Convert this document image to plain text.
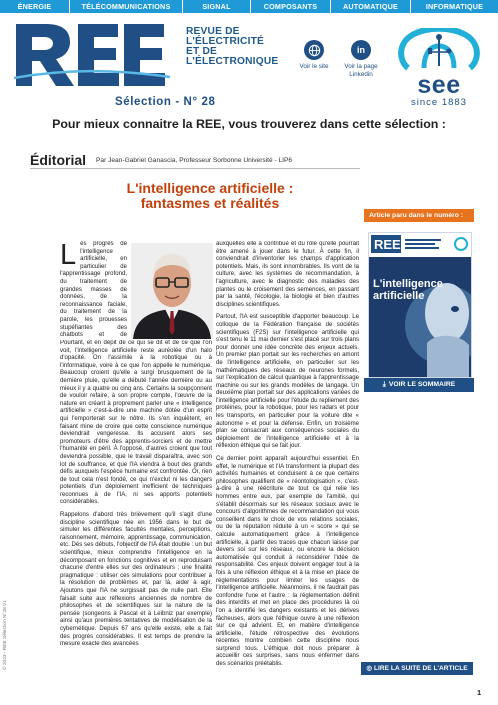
ÉNERGIE	TÉLÉCOMMUNICATIONS	SIGNAL	COMPOSANTS	AUTOMATIQUE	INFORMATIQUE
REVUE DE
L'ÉLECTRICITÉ
ET DE
L'ÉLECTRONIQUE
Sélection - N° 28
Voir le site
in
Voir la page
Linkedin	see
since 1883
Pour mieux connaitre la REE, vous trouverez dans cette sélection :
Éditorial Par Jean-Gabriel Ganascia, Professeur Sorbonne Université - LIP6
L'intelligence artificielle :
fantasmes et réalités
L es progrès de l'intelligence artificielle, en particulier de l'apprentissage profond, du traitement de grandes masses de données, de la reconnaissance faciale, du traitement de la parole, les prouesses stupéfiantes des chatbots et de

Pourtant, et en dépit de ce qui se dit et de ce que l'on voit, l'intelligence artificielle reste auréolée d'un halo d'opacité. On l'assimile à la robotique ou à l'informatique, voire à ce que l'on appelle le numérique. Beaucoup croient qu'elle a surgi brusquement de la dernière pluie, qu'elle a débuté l'année dernière ou au mieux il y a quatre ou cinq ans. Certains la soupçonnent de vouloir refaire, à son propre compte, l'œuvre de la nature en créant à proprement parler une « intelligence artificielle » c'est-à-dire une machine dotée d'un esprit qui l'emporterait sur le nôtre. Ils s'en inquiètent, en faisant mine de croire que cette conscience numérique deviendrait vengeresse. Ils accusent alors ses promoteurs d'être des apprentis-sorciers et de mettre l'humanité en péril. À l'opposé, d'autres croient que tout deviendra possible, que le travail disparaîtra, avec son lot de souffrance, et que l'IA viendra à bout des grands défis auxquels l'espèce humaine est confrontée. Or, rien de tout cela n'est fondé, ce qui n'exclut ni les dangers potentiels d'un déploiement inefficient de techniques reconnues à de l'IA, ni ses apports potentiels considérables.

Rappelons d'abord très brièvement qu'il s'agit d'une discipline scientifique née en 1956 dans le but de simuler les différentes facultés mentales, perceptions, raisonnement, mémoire, apprentissage, communication, etc. Dès ses débuts, l'objectif de l'IA était double : un but scientifique, mieux comprendre l'intelligence en la décomposant en fonctions cognitives et en reproduisant chacune d'entre elles sur des ordinateurs ; une finalité pragmatique : utiliser ces simulations pour contribuer à la résolution de problèmes et, par là, aider à agir. Ajoutons que l'IA ne surgissait pas de nulle part. Elle faisait suite aux réflexions anciennes de nombre de philosophes et de scientifiques sur la nature de la pensée (songeons à Pascal et à Leibniz par exemple) ainsi qu'aux premières tentatives de modélisation de la cybernétique. Depuis 67 ans qu'elle existe, elle a fait des progrès considérables. Il est temps de prendre la mesure exacte des avancées

auxquelles elle a contribué et du rôle qu'elle pourrait être amené à jouer dans le futur. À cette fin, il conviendrait d'inventorier les champs d'application potentiels. Mais, ils sont innombrables. Ils vont de la culture, avec les systèmes de recommandation, à l'agriculture, avec le diagnostic des maladies des plantes ou le croisement des semences, en passant par la santé, l'écologie, la biologie et bien d'autres disciplines scientifiques.

Partout, l'IA est susceptible d'apporter beaucoup. Le colloque de la Fédération française de sociétés scientifiques (F2S) sur l'intelligence artificielle qui s'est tenu le 11 mai dernier s'est placé sur trois plans pour donner une idée concrète des enjeux actuels. Un premier plan portait sur les recherches en amont de l'intelligence artificielle, en particulier sur les mathématiques des réseaux de neurones formels, sur l'explication de calcul quantique à l'apprentissage machine ou sur les grands modèles de langage. Un deuxième plan portait sur des applications variées de l'intelligence artificielle pour l'étude du repliement des protéines, pour la robotique, pour les radars et pour les transports, en particulier pour la voiture dite « autonome » et pour la défense. Enfin, un troisième plan se consacrait aux conséquences sociales du déploiement de l'intelligence artificielle et à la réflexion éthique qui se fait jour.

Ce dernier point apparaît aujourd'hui essentiel. En effet, le numérique et l'IA transforment la plupart des activités humaines et conduisent à ce que certains philosophes qualifient de « réontologisation », c'est-à-dire à une réécriture de tout ce qui relie les hommes entre eux, par exemple de l'amitié, qui s'établit désormais sur les réseaux sociaux avec le concours d'algorithmes de recommandation qui vous conseillent dans le choix de vos relations sociales, ou de la réputation réduite à un « score » qui se calcule automatiquement grâce à l'intelligence artificielle, à partir des traces que chacun laisse par devers soi sur les réseaux, ou encore la décision automatisée qui conduit à reconsidérer l'idée de responsabilité. Ces enjeux doivent engager tout à la fois à une réflexion éthique et à la mise en place de réglementations pour limiter les usages de l'intelligence artificielle. Néanmoins, il ne faudrait pas confondre l'une et l'autre : la réglementation définit des interdits et met en place des procédures là où l'on a identifié les dangers existants et les dérives fâcheuses, alors que l'éthique ouvre à une réflexion sur ce qui advient. Et, en matière d'intelligence artificielle, l'étude rétrospective des évolutions récentes montre combien cette discipline nous surprend tous. L'éthique doit nous préparer à accueillir ces surprises, sans nous enfermer dans des scénarios préétablis.

Article paru dans le numéro :
REE
L'intelligence
artificielle
⤓ VOIR LE SOMMAIRE
◎ LIRE LA SUITE DE L'ARTICLE
© 2023 - REE Sélection N°28 V1
1
